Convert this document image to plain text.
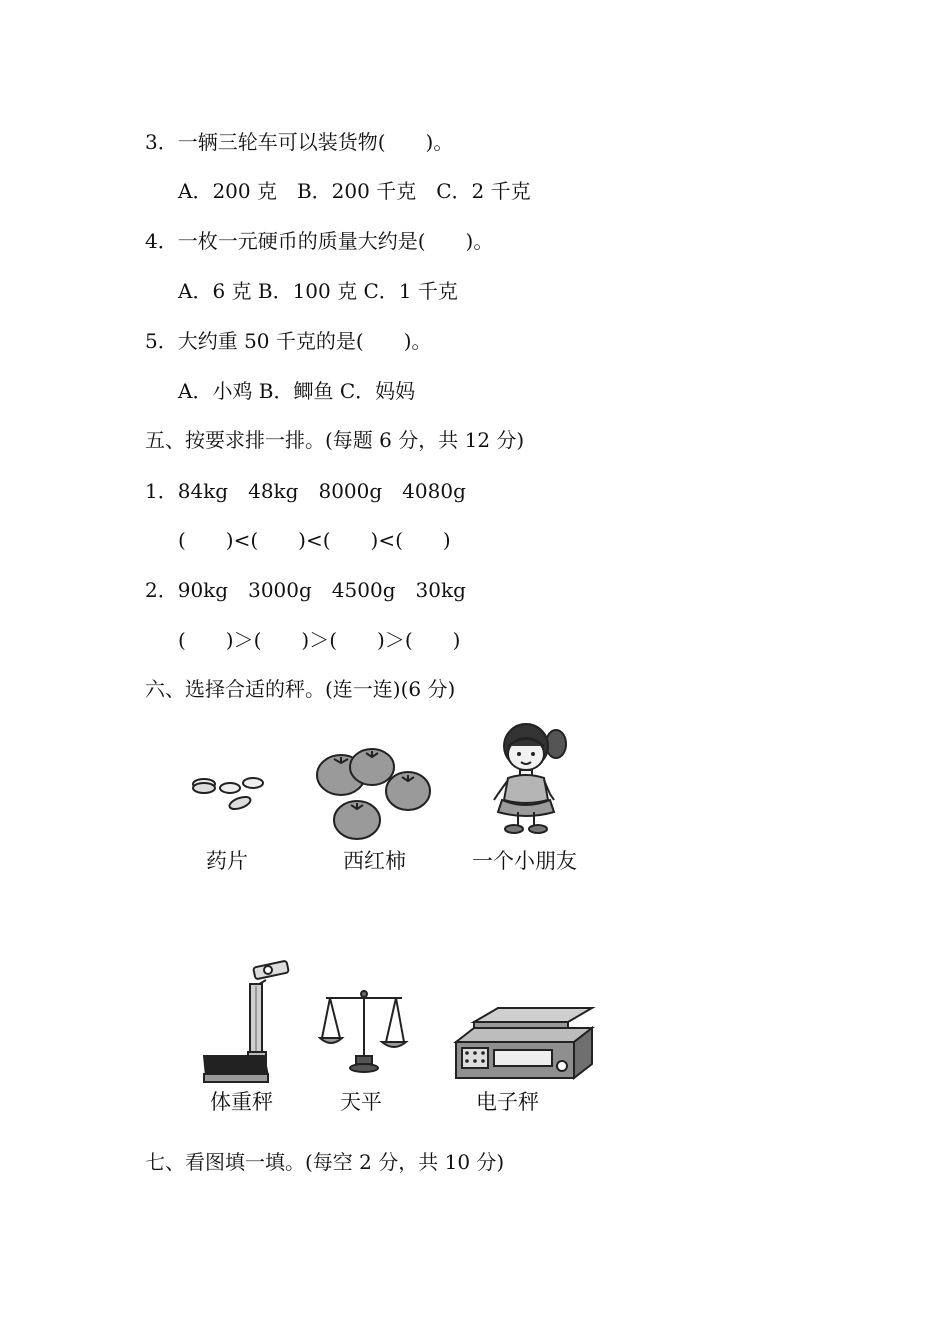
3．一辆三轮车可以装货物(　　)。
A．200 克　B．200 千克　C．2 千克
4．一枚一元硬币的质量大约是(　　)。
A．6 克 B．100 克 C．1 千克
5．大约重 50 千克的是(　　)。
A．小鸡 B．鲫鱼 C．妈妈
五、按要求排一排。(每题 6 分，共 12 分)
1．84kg　48kg　8000g　4080g
(　　)<(　　)<(　　)<(　　)
2．90kg　3000g　4500g　30kg
(　　)＞(　　)＞(　　)＞(　　)
六、选择合适的秤。(连一连)(6 分)
药片	西红柿	一个小朋友
体重秤	天平	电子秤
七、看图填一填。(每空 2 分，共 10 分)
